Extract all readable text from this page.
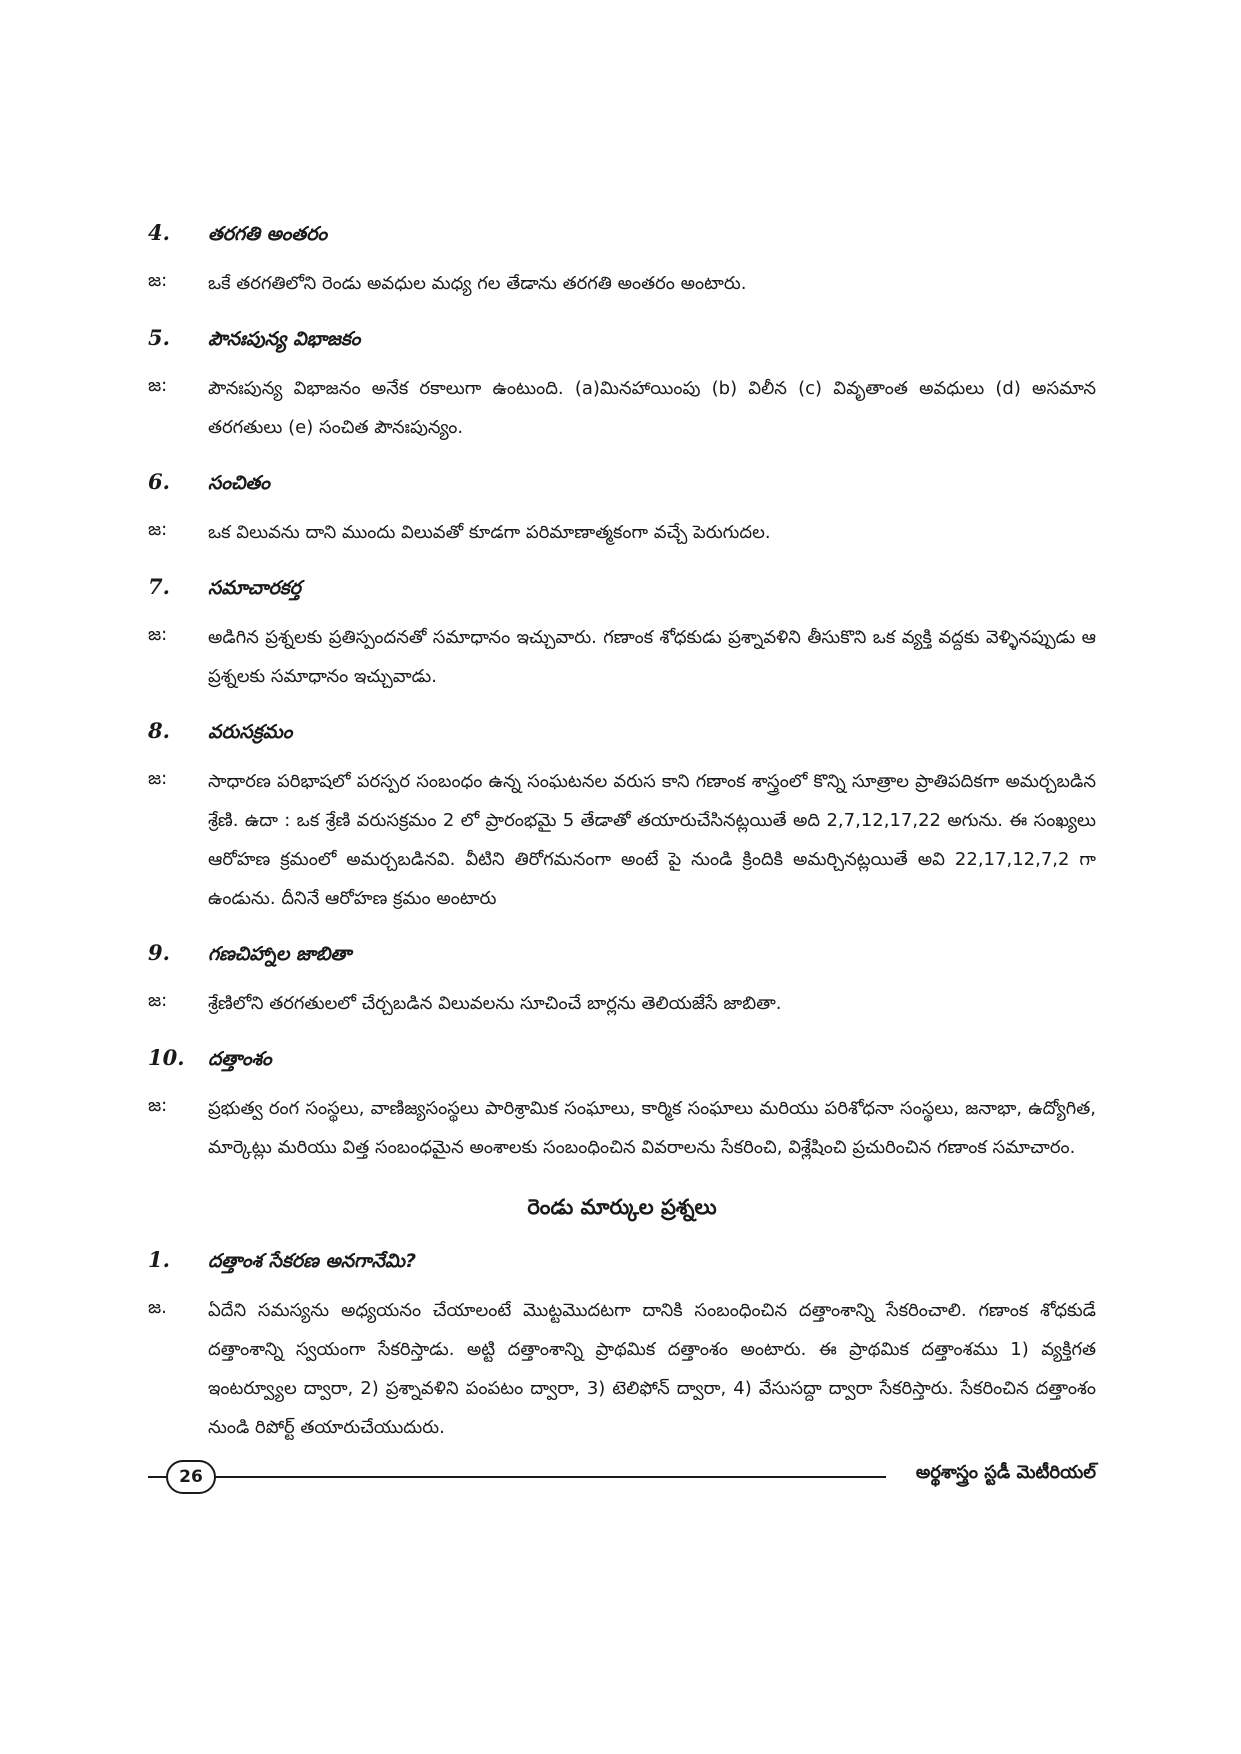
4.	తరగతి అంతరం
జ:	ఒకే తరగతిలోని రెండు అవధుల మధ్య గల తేడాను తరగతి అంతరం అంటారు.
5.	పౌనఃపున్య విభాజకం
జ:	పౌనఃపున్య విభాజనం అనేక రకాలుగా ఉంటుంది. (a)మినహాయింపు (b) విలీన (c) వివృతాంత అవధులు (d) అసమాన తరగతులు (e) సంచిత పౌనఃపున్యం.
6.	సంచితం
జ:	ఒక విలువను దాని ముందు విలువతో కూడగా పరిమాణాత్మకంగా వచ్చే పెరుగుదల.
7.	సమాచారకర్త
జ:	అడిగిన ప్రశ్నలకు ప్రతిస్పందనతో సమాధానం ఇచ్చువారు. గణాంక శోధకుడు ప్రశ్నావళిని తీసుకొని ఒక వ్యక్తి వద్దకు వెళ్ళినప్పుడు ఆ ప్రశ్నలకు సమాధానం ఇచ్చువాడు.
8.	వరుసక్రమం
జ:	సాధారణ పరిభాషలో పరస్పర సంబంధం ఉన్న సంఘటనల వరుస కాని గణాంక శాస్త్రంలో కొన్ని సూత్రాల ప్రాతిపదికగా అమర్చబడిన శ్రేణి. ఉదా : ఒక శ్రేణి వరుసక్రమం 2 లో ప్రారంభమై 5 తేడాతో తయారుచేసినట్లయితే అది 2,7,12,17,22 అగును. ఈ సంఖ్యలు ఆరోహణ క్రమంలో అమర్చబడినవి. వీటిని తిరోగమనంగా అంటే పై నుండి క్రిందికి అమర్చినట్లయితే అవి 22,17,12,7,2 గా ఉండును. దీనినే ఆరోహణ క్రమం అంటారు
9.	గణచిహ్నాల జాబితా
జ:	శ్రేణిలోని తరగతులలో చేర్చబడిన విలువలను సూచించే బార్లను తెలియజేసే జాబితా.
10.	దత్తాంశం
జ:	ప్రభుత్వ రంగ సంస్థలు, వాణిజ్యసంస్థలు పారిశ్రామిక సంఘాలు, కార్మిక సంఘాలు మరియు పరిశోధనా సంస్థలు, జనాభా, ఉద్యోగిత, మార్కెట్లు మరియు విత్త సంబంధమైన అంశాలకు సంబంధించిన వివరాలను సేకరించి, విశ్లేషించి ప్రచురించిన గణాంక సమాచారం.
రెండు మార్కుల ప్రశ్నలు
1.	దత్తాంశ సేకరణ అనగానేమి?
జ.	ఏదేని సమస్యను అధ్యయనం చేయాలంటే మొట్టమొదటగా దానికి సంబంధించిన దత్తాంశాన్ని సేకరించాలి. గణాంక శోధకుడే దత్తాంశాన్ని స్వయంగా సేకరిస్తాడు. అట్టి దత్తాంశాన్ని ప్రాథమిక దత్తాంశం అంటారు. ఈ ప్రాథమిక దత్తాంశము 1) వ్యక్తిగత ఇంటర్వ్యూల ద్వారా, 2) ప్రశ్నావళిని పంపటం ద్వారా, 3) టెలిఫోన్ ద్వారా, 4) వేసుసద్దా ద్వారా సేకరిస్తారు. సేకరించిన దత్తాంశం నుండి రిపోర్ట్ తయారుచేయుదురు.
26	అర్థశాస్త్రం స్టడీ మెటీరియల్
